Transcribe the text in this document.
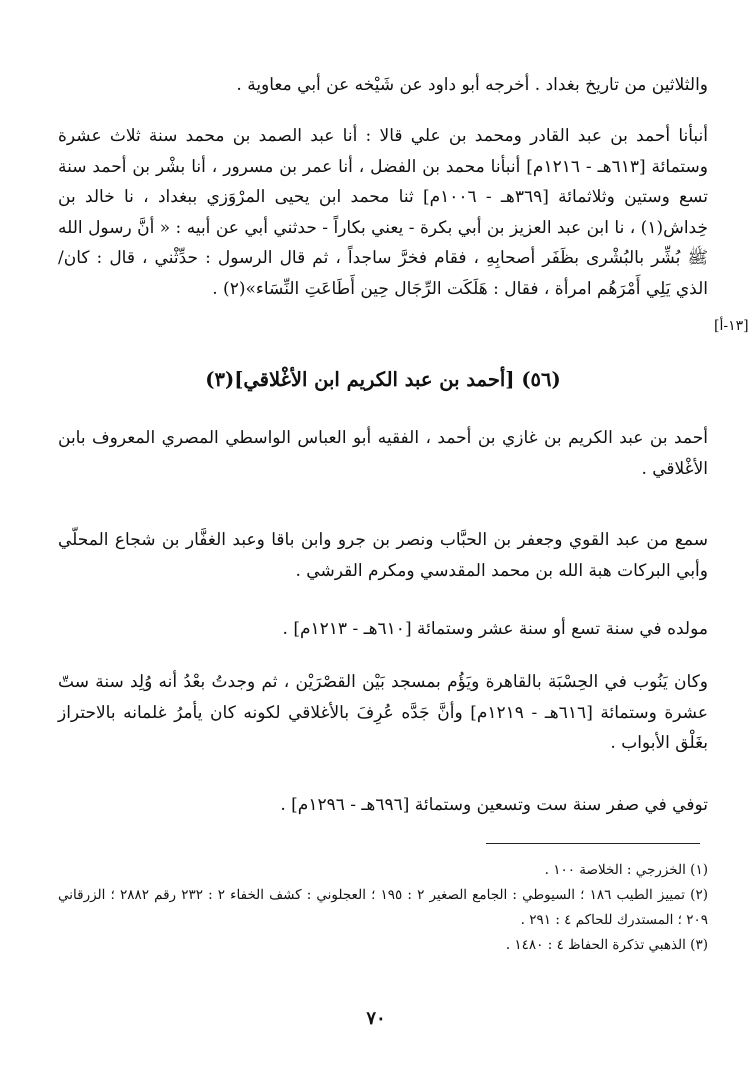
والثلاثين من تاريخ بغداد . أخرجه أبو داود عن شَيْخه عن أبي معاوية .

أنبأنا أحمد بن عبد القادر ومحمد بن علي قالا : أنا عبد الصمد بن محمد سنة ثلاث عشرة وستمائة [٦١٣هـ - ١٢١٦م] أنبأنا محمد بن الفضل ، أنا عمر بن مسرور ، أنا بشْر بن أحمد سنة تسع وستين وثلاثمائة [٣٦٩هـ - ١٠٠٦م] ثنا محمد ابن يحيى المرْوَزي ببغداد ، نا خالد بن خِداش(١) ، نا ابن عبد العزيز بن أبي بكرة - يعني بكاراً - حدثني أبي عن أبيه : « أنَّ رسول الله ﷺ بُشِّر بالبُشْرى بظَفَر أصحابِهِ ، فقام فخرَّ ساجداً ، ثم قال الرسول : حدِّثْني ، قال : كان/ الذي يَلِي أَمْرَهُم امرأة ، فقال : هَلَكَت الرِّجَال حِين أَطَاعَتِ النِّسَاء»(٢) .

[١٣-أ]
(٥٦) [أحمد بن عبد الكريم ابن الأغْلاقي](٣)

أحمد بن عبد الكريم بن غازي بن أحمد ، الفقيه أبو العباس الواسطي المصري المعروف بابن الأغْلاقي .

سمع من عبد القوي وجعفر بن الحبَّاب ونصر بن جرو وابن باقا وعبد الغفَّار بن شجاع المحلّي وأبي البركات هبة الله بن محمد المقدسي ومكرم القرشي .

مولده في سنة تسع أو سنة عشر وستمائة [٦١٠هـ - ١٢١٣م] .

وكان يَنُوب في الحِسْبَة بالقاهرة ويَؤُم بمسجد بَيْن القصْرَيْن ، ثم وجدتُ بعْدُ أنه وُلِد سنة ستّ عشرة وستمائة [٦١٦هـ - ١٢١٩م] وأنَّ جَدَّه عُرِفَ بالأغلاقي لكونه كان يأمرُ غلمانه بالاحتراز بغَلْق الأبواب .

توفي في صفر سنة ست وتسعين وستمائة [٦٩٦هـ - ١٢٩٦م] .

(١) الخزرجي : الخلاصة ١٠٠ .

(٢) تمييز الطيب ١٨٦ ؛ السيوطي : الجامع الصغير ٢ : ١٩٥ ؛ العجلوني : كشف الخفاء ٢ : ٢٣٢ رقم ٢٨٨٢ ؛ الزرقاني ٢٠٩ ؛ المستدرك للحاكم ٤ : ٢٩١ .

(٣) الذهبي تذكرة الحفاظ ٤ : ١٤٨٠ .

٧٠
